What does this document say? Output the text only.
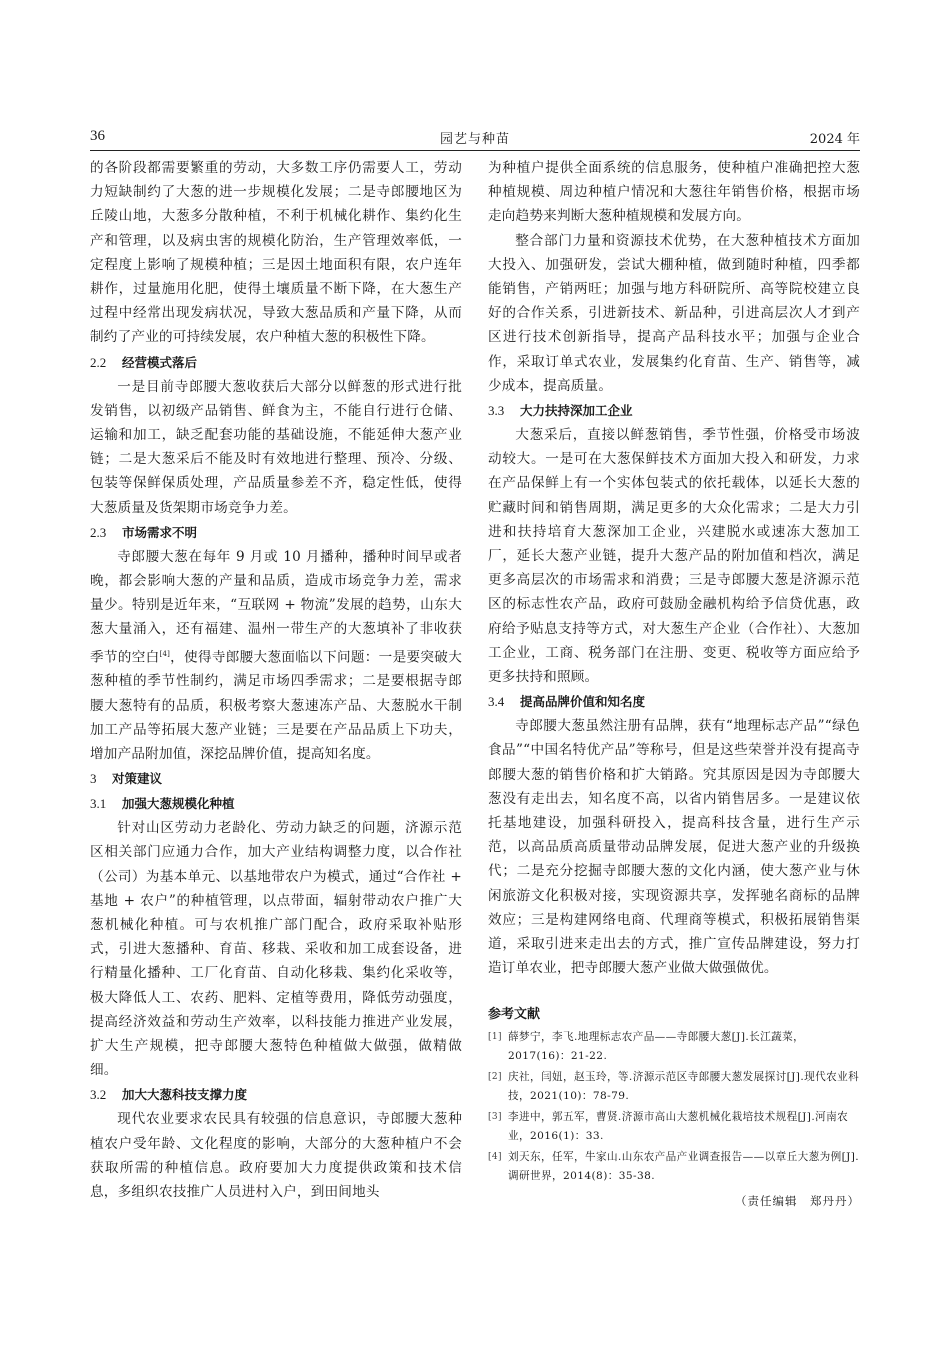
36	园艺与种苗	2024 年

的各阶段都需要繁重的劳动，大多数工序仍需要人工，劳动力短缺制约了大葱的进一步规模化发展；二是寺郎腰地区为丘陵山地，大葱多分散种植，不利于机械化耕作、集约化生产和管理，以及病虫害的规模化防治，生产管理效率低，一定程度上影响了规模种植；三是因土地面积有限，农户连年耕作，过量施用化肥，使得土壤质量不断下降，在大葱生产过程中经常出现发病状况，导致大葱品质和产量下降，从而制约了产业的可持续发展，农户种植大葱的积极性下降。

2.2 经营模式落后

一是目前寺郎腰大葱收获后大部分以鲜葱的形式进行批发销售，以初级产品销售、鲜食为主，不能自行进行仓储、运输和加工，缺乏配套功能的基础设施，不能延伸大葱产业链；二是大葱采后不能及时有效地进行整理、预冷、分级、包装等保鲜保质处理，产品质量参差不齐，稳定性低，使得大葱质量及货架期市场竞争力差。

2.3 市场需求不明

寺郎腰大葱在每年 9 月或 10 月播种，播种时间早或者晚，都会影响大葱的产量和品质，造成市场竞争力差，需求量少。特别是近年来，“互联网 + 物流”发展的趋势，山东大葱大量涌入，还有福建、温州一带生产的大葱填补了非收获季节的空白[4]，使得寺郎腰大葱面临以下问题：一是要突破大葱种植的季节性制约，满足市场四季需求；二是要根据寺郎腰大葱特有的品质，积极考察大葱速冻产品、大葱脱水干制加工产品等拓展大葱产业链；三是要在产品品质上下功夫，增加产品附加值，深挖品牌价值，提高知名度。

3 对策建议
3.1 加强大葱规模化种植

针对山区劳动力老龄化、劳动力缺乏的问题，济源示范区相关部门应通力合作，加大产业结构调整力度，以合作社（公司）为基本单元、以基地带农户为模式，通过“合作社 + 基地 + 农户”的种植管理，以点带面，辐射带动农户推广大葱机械化种植。可与农机推广部门配合，政府采取补贴形式，引进大葱播种、育苗、移栽、采收和加工成套设备，进行精量化播种、工厂化育苗、自动化移栽、集约化采收等，极大降低人工、农药、肥料、定植等费用，降低劳动强度，提高经济效益和劳动生产效率，以科技能力推进产业发展，扩大生产规模，把寺郎腰大葱特色种植做大做强，做精做细。

3.2 加大大葱科技支撑力度

现代农业要求农民具有较强的信息意识，寺郎腰大葱种植农户受年龄、文化程度的影响，大部分的大葱种植户不会获取所需的种植信息。政府要加大力度提供政策和技术信息，多组织农技推广人员进村入户，到田间地头

为种植户提供全面系统的信息服务，使种植户准确把控大葱种植规模、周边种植户情况和大葱往年销售价格，根据市场走向趋势来判断大葱种植规模和发展方向。

整合部门力量和资源技术优势，在大葱种植技术方面加大投入、加强研发，尝试大棚种植，做到随时种植，四季都能销售，产销两旺；加强与地方科研院所、高等院校建立良好的合作关系，引进新技术、新品种，引进高层次人才到产区进行技术创新指导，提高产品科技水平；加强与企业合作，采取订单式农业，发展集约化育苗、生产、销售等，减少成本，提高质量。

3.3 大力扶持深加工企业

大葱采后，直接以鲜葱销售，季节性强，价格受市场波动较大。一是可在大葱保鲜技术方面加大投入和研发，力求在产品保鲜上有一个实体包装式的依托载体，以延长大葱的贮藏时间和销售周期，满足更多的大众化需求；二是大力引进和扶持培育大葱深加工企业，兴建脱水或速冻大葱加工厂，延长大葱产业链，提升大葱产品的附加值和档次，满足更多高层次的市场需求和消费；三是寺郎腰大葱是济源示范区的标志性农产品，政府可鼓励金融机构给予信贷优惠，政府给予贴息支持等方式，对大葱生产企业（合作社）、大葱加工企业，工商、税务部门在注册、变更、税收等方面应给予更多扶持和照顾。

3.4 提高品牌价值和知名度

寺郎腰大葱虽然注册有品牌，获有“地理标志产品”“绿色食品”“中国名特优产品”等称号，但是这些荣誉并没有提高寺郎腰大葱的销售价格和扩大销路。究其原因是因为寺郎腰大葱没有走出去，知名度不高，以省内销售居多。一是建议依托基地建设，加强科研投入，提高科技含量，进行生产示范，以高品质高质量带动品牌发展，促进大葱产业的升级换代；二是充分挖掘寺郎腰大葱的文化内涵，使大葱产业与休闲旅游文化积极对接，实现资源共享，发挥驰名商标的品牌效应；三是构建网络电商、代理商等模式，积极拓展销售渠道，采取引进来走出去的方式，推广宣传品牌建设，努力打造订单农业，把寺郎腰大葱产业做大做强做优。

参考文献
[1] 薛梦宁，李飞.地理标志农产品——寺郎腰大葱[J].长江蔬菜，2017(16)：21-22.
[2] 庆社，闫妞，赵玉玲，等.济源示范区寺郎腰大葱发展探讨[J].现代农业科技，2021(10)：78-79.
[3] 李进中，郭五军，曹贤.济源市高山大葱机械化栽培技术规程[J].河南农业，2016(1)：33.
[4] 刘天东，任军，牛家山.山东农产品产业调查报告——以章丘大葱为例[J].调研世界，2014(8)：35-38.
（责任编辑　郑丹丹）
